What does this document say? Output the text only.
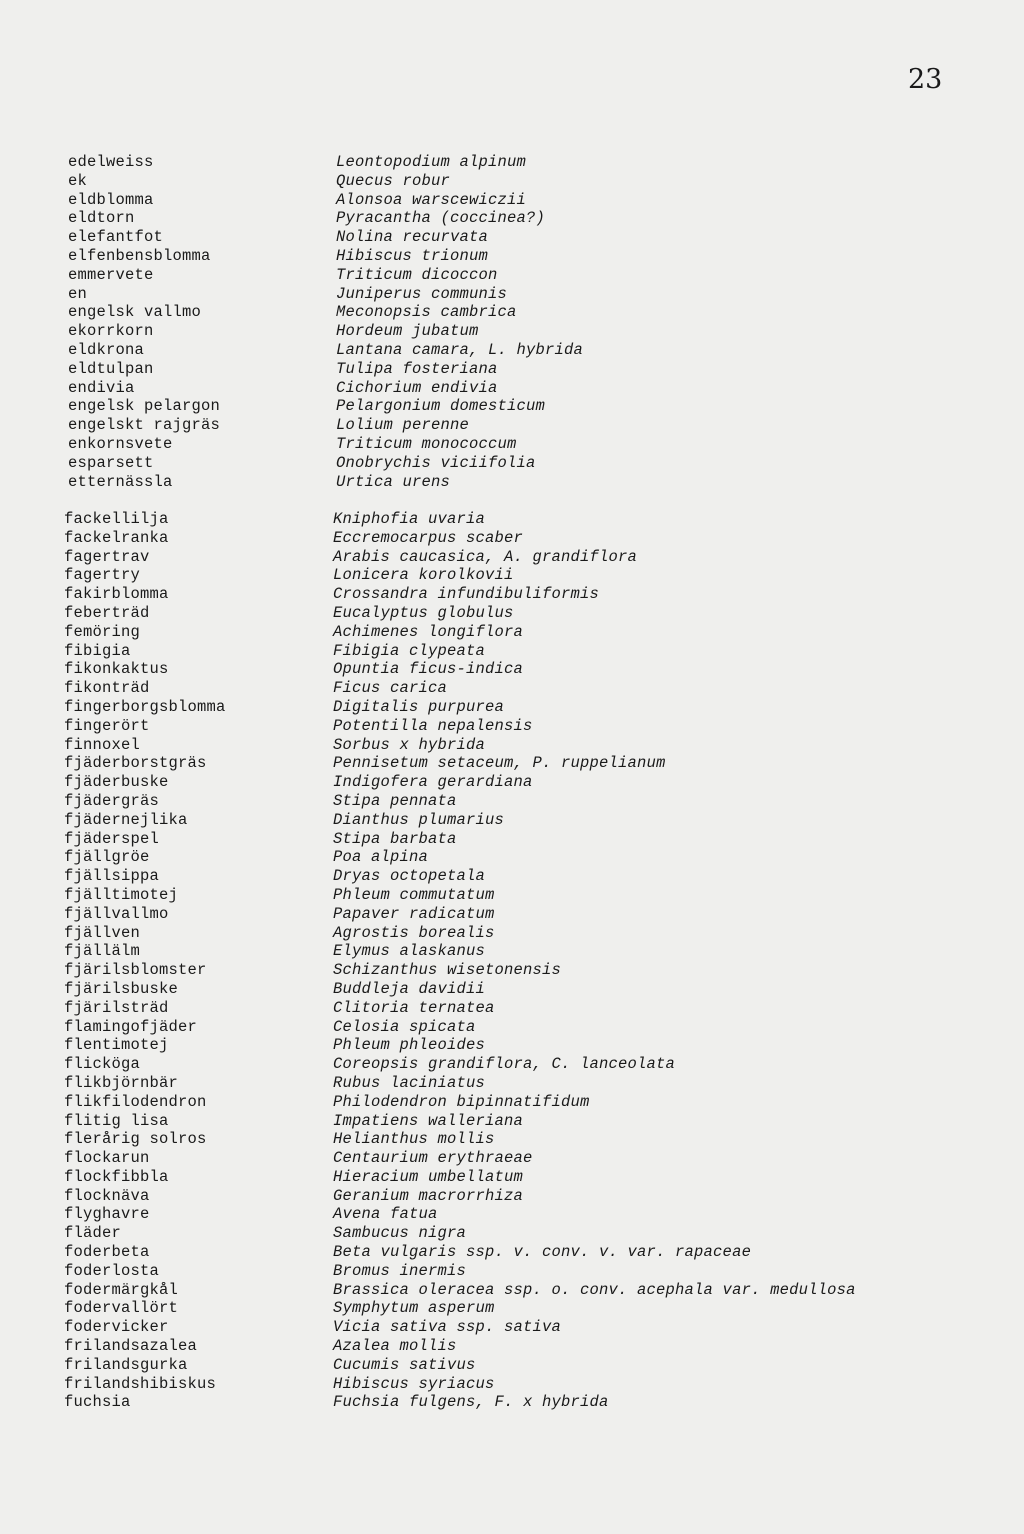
23
edelweiss	Leontopodium alpinum
ek	Quecus robur
eldblomma	Alonsoa warscewiczii
eldtorn	Pyracantha (coccinea?)
elefantfot	Nolina recurvata
elfenbensblomma	Hibiscus trionum
emmervete	Triticum dicoccon
en	Juniperus communis
engelsk vallmo	Meconopsis cambrica
ekorrkorn	Hordeum jubatum
eldkrona	Lantana camara, L. hybrida
eldtulpan	Tulipa fosteriana
endivia	Cichorium endivia
engelsk pelargon	Pelargonium domesticum
engelskt rajgräs	Lolium perenne
enkornsvete	Triticum monococcum
esparsett	Onobrychis viciifolia
etternässla	Urtica urens
fackellilja	Kniphofia uvaria
fackelranka	Eccremocarpus scaber
fagertrav	Arabis caucasica, A. grandiflora
fagertry	Lonicera korolkovii
fakirblomma	Crossandra infundibuliformis
feberträd	Eucalyptus globulus
femöring	Achimenes longiflora
fibigia	Fibigia clypeata
fikonkaktus	Opuntia ficus-indica
fikonträd	Ficus carica
fingerborgsblomma	Digitalis purpurea
fingerört	Potentilla nepalensis
finnoxel	Sorbus x hybrida
fjäderborstgräs	Pennisetum setaceum, P. ruppelianum
fjäderbuske	Indigofera gerardiana
fjädergräs	Stipa pennata
fjädernejlika	Dianthus plumarius
fjäderspel	Stipa barbata
fjällgröe	Poa alpina
fjällsippa	Dryas octopetala
fjälltimotej	Phleum commutatum
fjällvallmo	Papaver radicatum
fjällven	Agrostis borealis
fjällälm	Elymus alaskanus
fjärilsblomster	Schizanthus wisetonensis
fjärilsbuske	Buddleja davidii
fjärilsträd	Clitoria ternatea
flamingofjäder	Celosia spicata
flentimotej	Phleum phleoides
flicköga	Coreopsis grandiflora, C. lanceolata
flikbjörnbär	Rubus laciniatus
flikfilodendron	Philodendron bipinnatifidum
flitig lisa	Impatiens walleriana
flerårig solros	Helianthus mollis
flockarun	Centaurium erythraeae
flockfibbla	Hieracium umbellatum
flocknäva	Geranium macrorrhiza
flyghavre	Avena fatua
fläder	Sambucus nigra
foderbeta	Beta vulgaris ssp. v. conv. v. var. rapaceae
foderlosta	Bromus inermis
fodermärgkål	Brassica oleracea ssp. o. conv. acephala var. medullosa
fodervallört	Symphytum asperum
fodervicker	Vicia sativa ssp. sativa
frilandsazalea	Azalea mollis
frilandsgurka	Cucumis sativus
frilandshibiskus	Hibiscus syriacus
fuchsia	Fuchsia fulgens, F. x hybrida
